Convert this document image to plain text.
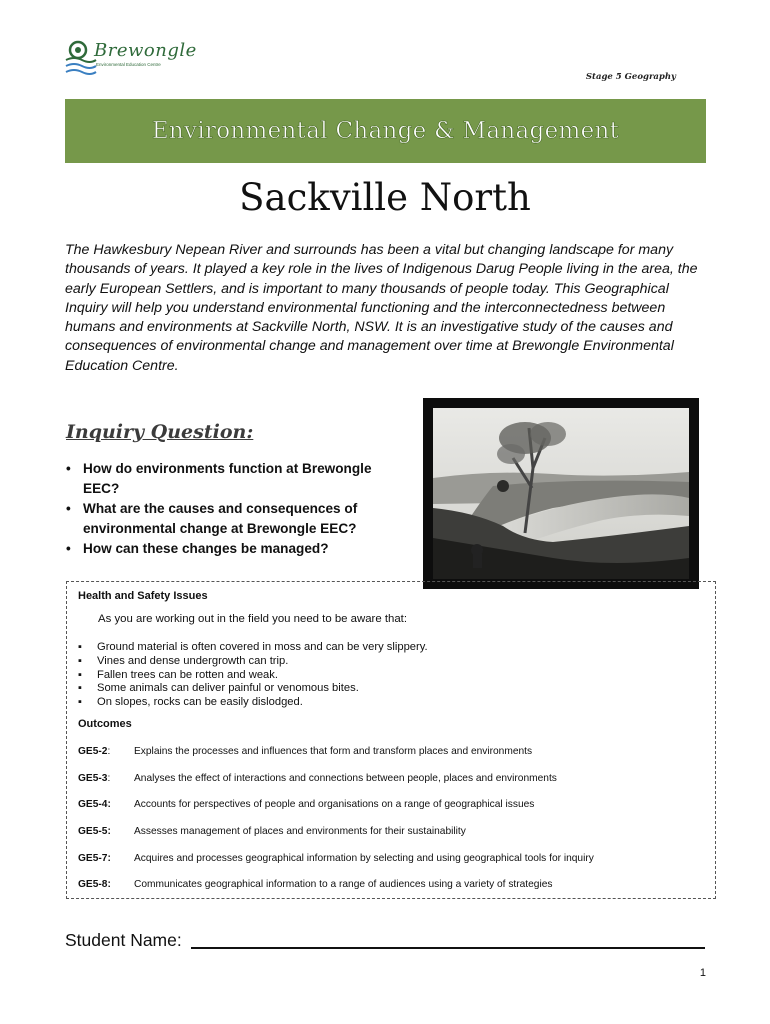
Brewongle
Environmental Education Centre
Stage 5 Geography
Environmental Change & Management
Sackville North

The Hawkesbury Nepean River and surrounds has been a vital but changing landscape for many thousands of years. It played a key role in the lives of Indigenous Darug People living in the area, the early European Settlers, and is important to many thousands of people today. This Geographical Inquiry will help you understand environmental functioning and the interconnectedness between humans and environments at Sackville North, NSW. It is an investigative study of the causes and consequences of environmental change and management over time at Brewongle Environmental Education Centre.

Inquiry Question:
• How do environments function at Brewongle EEC?
• What are the causes and consequences of environmental change at Brewongle EEC?
• How can these changes be managed?
Health and Safety Issues
As you are working out in the field you need to be aware that:
▪ Ground material is often covered in moss and can be very slippery.
▪ Vines and dense undergrowth can trip.
▪ Fallen trees can be rotten and weak.
▪ Some animals can deliver painful or venomous bites.
▪ On slopes, rocks can be easily dislodged.
Outcomes
GE5-2:	Explains the processes and influences that form and transform places and environments
GE5-3:	Analyses the effect of interactions and connections between people, places and environments
GE5-4:	Accounts for perspectives of people and organisations on a range of geographical issues
GE5-5:	Assesses management of places and environments for their sustainability
GE5-7:	Acquires and processes geographical information by selecting and using geographical tools for inquiry
GE5-8:	Communicates geographical information to a range of audiences using a variety of strategies
Student Name:
1
